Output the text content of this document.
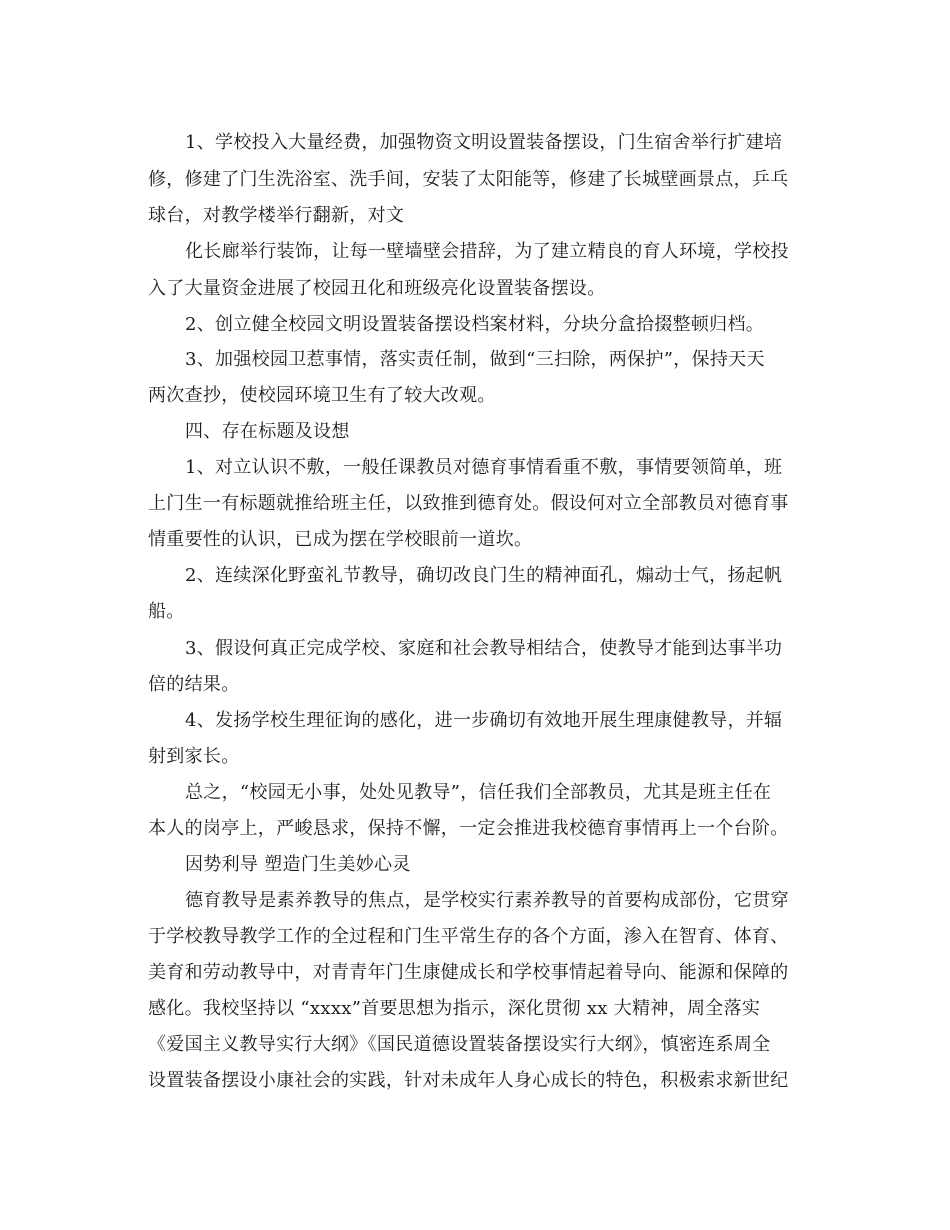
1、学校投入大量经费，加强物资文明设置装备摆设，门生宿舍举行扩建培
修，修建了门生洗浴室、洗手间，安装了太阳能等，修建了长城壁画景点，乒乓
球台，对教学楼举行翻新，对文
化长廊举行装饰，让每一壁墙壁会措辞，为了建立精良的育人环境，学校投
入了大量资金进展了校园丑化和班级亮化设置装备摆设。
2、创立健全校园文明设置装备摆设档案材料，分块分盒拾掇整顿归档。
3、加强校园卫惹事情，落实责任制，做到“三扫除，两保护”，保持天天
两次查抄，使校园环境卫生有了较大改观。
四、存在标题及设想
1、对立认识不敷，一般任课教员对德育事情看重不敷，事情要领简单，班
上门生一有标题就推给班主任，以致推到德育处。假设何对立全部教员对德育事
情重要性的认识，已成为摆在学校眼前一道坎。
2、连续深化野蛮礼节教导，确切改良门生的精神面孔，煽动士气，扬起帆
船。
3、假设何真正完成学校、家庭和社会教导相结合，使教导才能到达事半功
倍的结果。
4、发扬学校生理征询的感化，进一步确切有效地开展生理康健教导，并辐
射到家长。
总之，“校园无小事，处处见教导”，信任我们全部教员，尤其是班主任在
本人的岗亭上，严峻恳求，保持不懈，一定会推进我校德育事情再上一个台阶。
因势利导 塑造门生美妙心灵
德育教导是素养教导的焦点，是学校实行素养教导的首要构成部份，它贯穿
于学校教导教学工作的全过程和门生平常生存的各个方面，渗入在智育、体育、
美育和劳动教导中，对青青年门生康健成长和学校事情起着导向、能源和保障的
感化。我校坚持以 “xxxx”首要思想为指示，深化贯彻 xx 大精神，周全落实
《爱国主义教导实行大纲》《国民道德设置装备摆设实行大纲》，慎密连系周全
设置装备摆设小康社会的实践，针对未成年人身心成长的特色，积极索求新世纪
